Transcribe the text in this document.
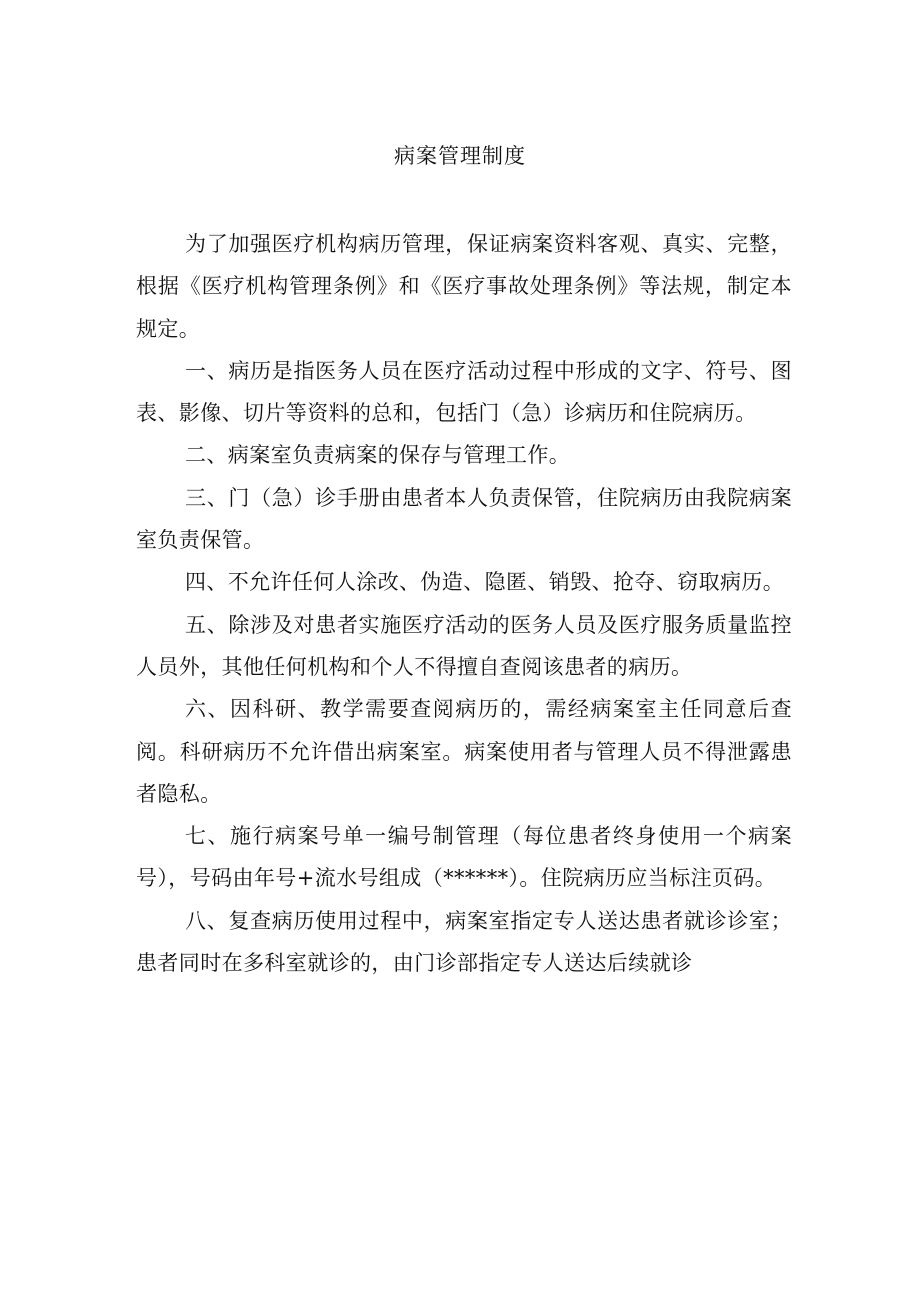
病案管理制度

为了加强医疗机构病历管理，保证病案资料客观、真实、完整，根据《医疗机构管理条例》和《医疗事故处理条例》等法规，制定本规定。

一、病历是指医务人员在医疗活动过程中形成的文字、符号、图表、影像、切片等资料的总和，包括门（急）诊病历和住院病历。

二、病案室负责病案的保存与管理工作。

三、门（急）诊手册由患者本人负责保管，住院病历由我院病案室负责保管。

四、不允许任何人涂改、伪造、隐匿、销毁、抢夺、窃取病历。

五、除涉及对患者实施医疗活动的医务人员及医疗服务质量监控人员外，其他任何机构和个人不得擅自查阅该患者的病历。

六、因科研、教学需要查阅病历的，需经病案室主任同意后查阅。科研病历不允许借出病案室。病案使用者与管理人员不得泄露患者隐私。

七、施行病案号单一编号制管理（每位患者终身使用一个病案号），号码由年号+流水号组成（******）。住院病历应当标注页码。

八、复查病历使用过程中，病案室指定专人送达患者就诊诊室；患者同时在多科室就诊的，由门诊部指定专人送达后续就诊
